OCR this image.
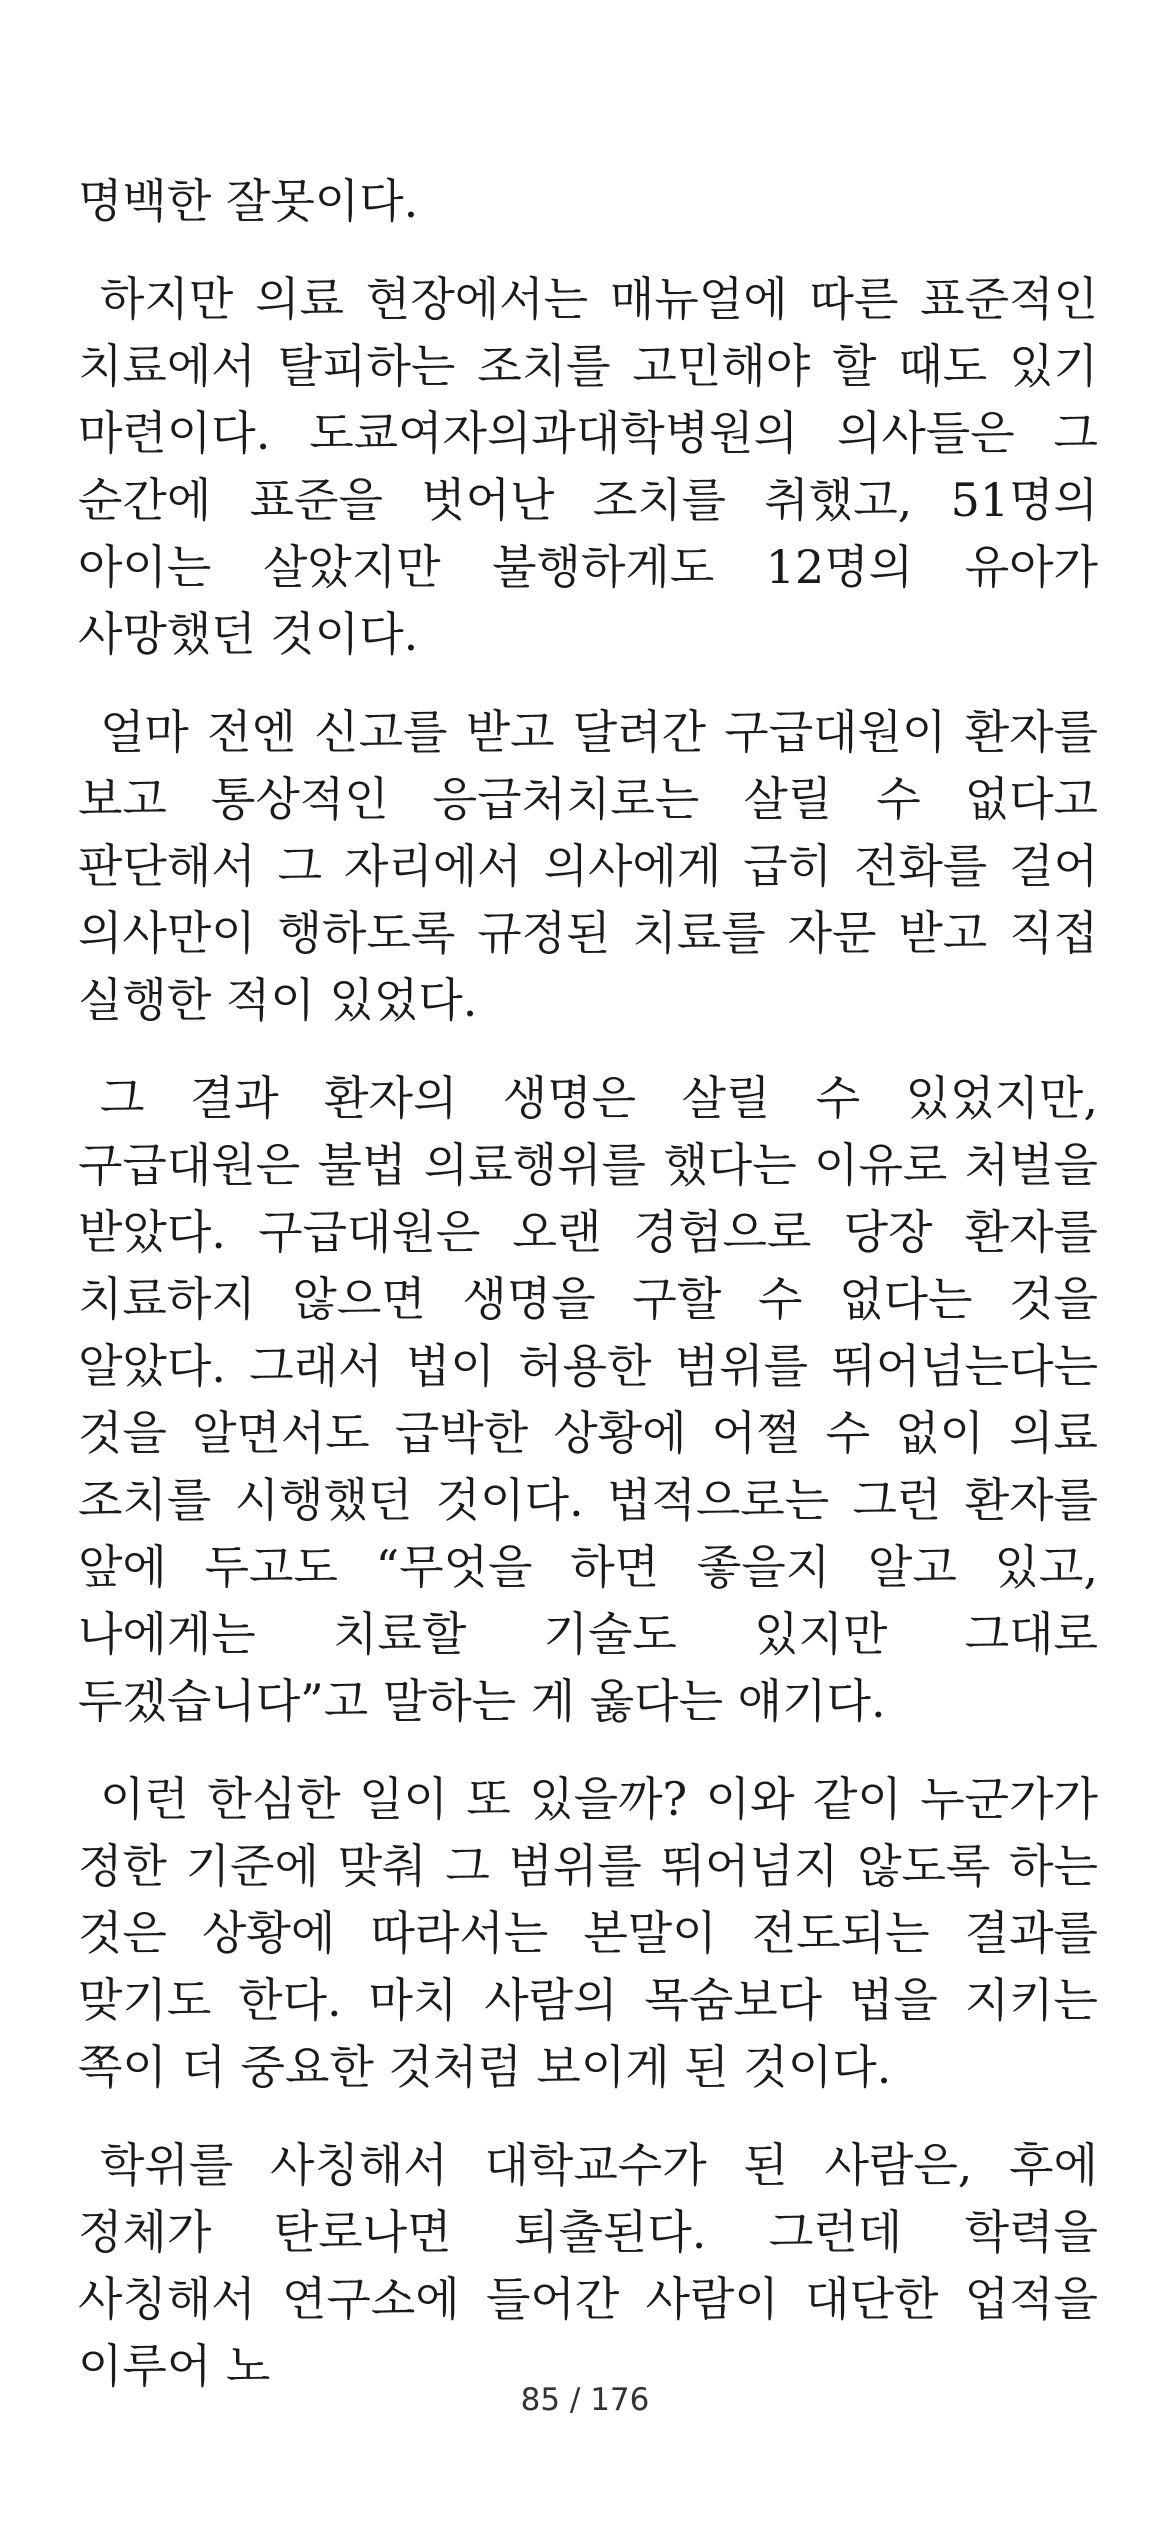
명백한 잘못이다.

하지만 의료 현장에서는 매뉴얼에 따른 표준적인 치료에서 탈피하는 조치를 고민해야 할 때도 있기 마련이다. 도쿄여자의과대학병원의 의사들은 그 순간에 표준을 벗어난 조치를 취했고, 51명의 아이는 살았지만 불행하게도 12명의 유아가 사망했던 것이다.

얼마 전엔 신고를 받고 달려간 구급대원이 환자를 보고 통상적인 응급처치로는 살릴 수 없다고 판단해서 그 자리에서 의사에게 급히 전화를 걸어 의사만이 행하도록 규정된 치료를 자문 받고 직접 실행한 적이 있었다.

그 결과 환자의 생명은 살릴 수 있었지만, 구급대원은 불법 의료행위를 했다는 이유로 처벌을 받았다. 구급대원은 오랜 경험으로 당장 환자를 치료하지 않으면 생명을 구할 수 없다는 것을 알았다. 그래서 법이 허용한 범위를 뛰어넘는다는 것을 알면서도 급박한 상황에 어쩔 수 없이 의료 조치를 시행했던 것이다. 법적으로는 그런 환자를 앞에 두고도 “무엇을 하면 좋을지 알고 있고, 나에게는 치료할 기술도 있지만 그대로 두겠습니다”고 말하는 게 옳다는 얘기다.

이런 한심한 일이 또 있을까? 이와 같이 누군가가 정한 기준에 맞춰 그 범위를 뛰어넘지 않도록 하는 것은 상황에 따라서는 본말이 전도되는 결과를 맞기도 한다. 마치 사람의 목숨보다 법을 지키는 쪽이 더 중요한 것처럼 보이게 된 것이다.

학위를 사칭해서 대학교수가 된 사람은, 후에 정체가 탄로나면 퇴출된다. 그런데 학력을 사칭해서 연구소에 들어간 사람이 대단한 업적을 이루어 노

85 / 176
